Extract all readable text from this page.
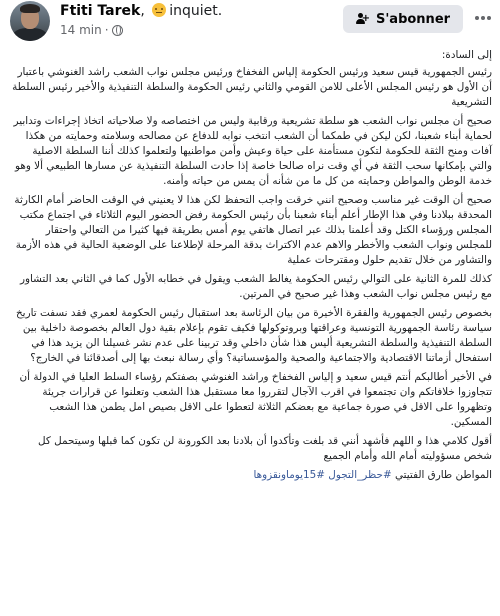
Ftiti Tarek, inquiet.
14 min ·
+ S'abonner

إلى السادة:

رئيس الجمهورية قيس سعيد ورئيس الحكومة إلياس الفخفاخ ورئيس مجلس نواب الشعب راشد الغنوشي باعتبار أن الأول هو رئيس المجلس الأعلى للامن القومي والثاني رئيس الحكومة والسلطة التنفيذية والأخير رئيس السلطة التشريعية

صحيح أن مجلس نواب الشعب هو سلطة تشريعية ورقابية وليس من اختصاصه ولا صلاحياته اتخاذ إجراءات وتدابير لحماية أبناء شعبنا، لكن ليكن في طمكما أن الشعب انتخب نوابه للدفاع عن مصالحه وسلامته وحمايته من هكذا آفات ومنح الثقة للحكومة لتكون مستأمنة على حياة وعيش وأمن مواطنيها ولتعلموا كذلك أننا السلطة الاصلية والتي بإمكانها سحب الثقة في أي وقت نراه صالحا خاصة إذا حادت السلطة التنفيذية عن مسارها الطبيعي ألا وهو خدمة الوطن والمواطن وحمايته من كل ما من شأنه أن يمس من حياته وأمنه.

صحيح أن الوقت غير مناسب وصحيح انني خرقت واجب التحفظ لكن هذا لا يعنيني في الوقت الحاضر أمام الكارثة المحدقة ببلادنا وفي هذا الإطار أعلم أبناء شعبنا بأن رئيس الحكومة رفض الحضور اليوم الثلاثاء في اجتماع مكتب المجلس ورؤساء الكتل وقد أعلمنا بذلك عبر اتصال هاتفي يوم أمس بطريقة فيها كثيرا من التعالي واحتقار للمجلس ونواب الشعب والأخطر والاهم عدم الاكتراث بدقة المرحلة لإطلاعنا على الوضعية الحالية في هذه الأزمة والتشاور من خلال تقديم حلول ومقترحات عملية

كذلك للمرة الثانية على التوالي رئيس الحكومة يغالط الشعب ويقول في خطابه الأول كما في الثاني بعد التشاور مع رئيس مجلس نواب الشعب وهذا غير صحيح في المرتين.

بخصوص رئيس الجمهورية والفقرة الأخيرة من بيان الرئاسة بعد استقبال رئيس الحكومة لعمري فقد نسفت تاريخ سياسة رئاسة الجمهورية التونسية وعراقتها وبروتوكولها فكيف تقوم بإعلام بقية دول العالم بخصوصة داخلية بين السلطة التنفيذية والسلطة التشريعية أليس هذا شأن داخلي وقد تربينا على عدم نشر غسيلنا الن يزيد هذا في استفحال أزماتنا الاقتصادية والاجتماعية والصحية والمؤسساتية؟ وأي رسالة نبعث بها إلى أصدقائنا في الخارج؟

في الأخير أطالبكم أنتم قيس سعيد و إلياس الفخفاخ وراشد الغنوشي بصفتكم رؤساء السلط العليا في الدولة أن تتجاوزوا خلافاتكم وان تجتمعوا في اقرب الآجال لتقرروا معا مستقبل هذا الشعب وتعلنوا عن قرارات جريئة وتظهروا على الاقل في صورة جماعية مع بعضكم الثلاثة لتعطوا على الاقل بصيص امل يطمن هذا الشعب المسكين.

أقول كلامي هذا و اللهم فأشهد أنني قد بلغت وتأكدوا أن بلادنا بعد الكورونة لن تكون كما قبلها وسيتحمل كل شخص مسؤوليته أمام الله وأمام الجميع

المواطن طارق الفتيتي #حظر_التجول #15يوماونقزوها
